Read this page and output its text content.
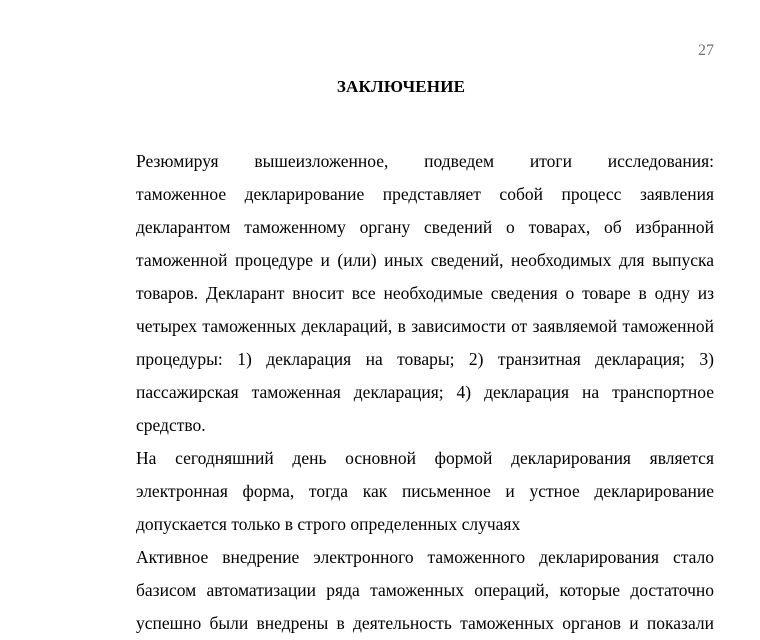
27
ЗАКЛЮЧЕНИЕ

Резюмируя вышеизложенное, подведем итоги исследования:
таможенное декларирование представляет собой процесс заявления
декларантом таможенному органу сведений о товарах, об избранной
таможенной процедуре и (или) иных сведений, необходимых для выпуска
товаров. Декларант вносит все необходимые сведения о товаре в одну из
четырех таможенных деклараций, в зависимости от заявляемой таможенной
процедуры: 1) декларация на товары; 2) транзитная декларация; 3)
пассажирская таможенная декларация; 4) декларация на транспортное
средство.

На сегодняшний день основной формой декларирования является
электронная форма, тогда как письменное и устное декларирование
допускается только в строго определенных случаях

Активное внедрение электронного таможенного декларирования стало
базисом автоматизации ряда таможенных операций, которые достаточно
успешно были внедрены в деятельность таможенных органов и показали
